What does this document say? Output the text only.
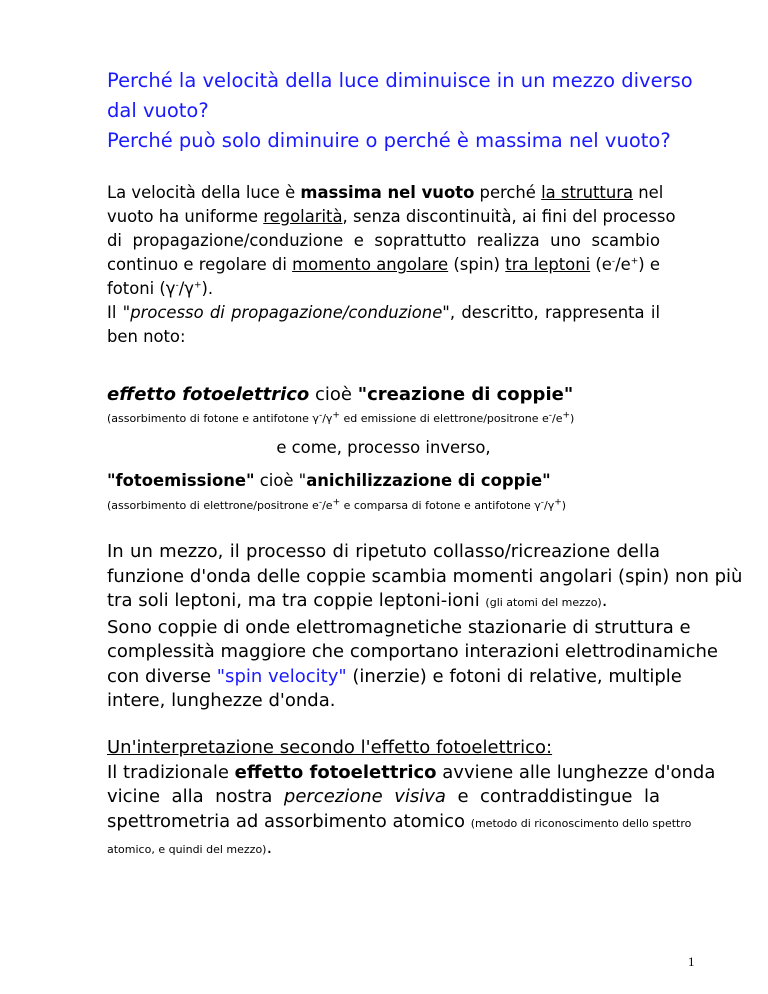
Perché la velocità della luce diminuisce in un mezzo diverso
dal vuoto?
Perché può solo diminuire o perché è massima nel vuoto?
La velocità della luce è massima nel vuoto perché la struttura nel
vuoto ha uniforme regolarità, senza discontinuità, ai fini del processo
di propagazione/conduzione e soprattutto realizza uno scambio
continuo e regolare di momento angolare (spin) tra leptoni (e-/e+) e
fotoni (γ-/γ+).
Il "processo di propagazione/conduzione", descritto, rappresenta il
ben noto:
effetto fotoelettrico cioè "creazione di coppie"
(assorbimento di fotone e antifotone γ-/γ+ ed emissione di elettrone/positrone e-/e+)
e come, processo inverso,
"fotoemissione" cioè "anichilizzazione di coppie"
(assorbimento di elettrone/positrone e-/e+ e comparsa di fotone e antifotone γ-/γ+)
In un mezzo, il processo di ripetuto collasso/ricreazione della
funzione d'onda delle coppie scambia momenti angolari (spin) non più
tra soli leptoni, ma tra coppie leptoni-ioni (gli atomi del mezzo).
Sono coppie di onde elettromagnetiche stazionarie di struttura e
complessità maggiore che comportano interazioni elettrodinamiche
con diverse "spin velocity" (inerzie) e fotoni di relative, multiple
intere, lunghezze d'onda.
Un'interpretazione secondo l'effetto fotoelettrico:
Il tradizionale effetto fotoelettrico avviene alle lunghezze d'onda
vicine alla nostra percezione visiva e contraddistingue la
spettrometria ad assorbimento atomico (metodo di riconoscimento dello spettro
atomico, e quindi del mezzo).
1
